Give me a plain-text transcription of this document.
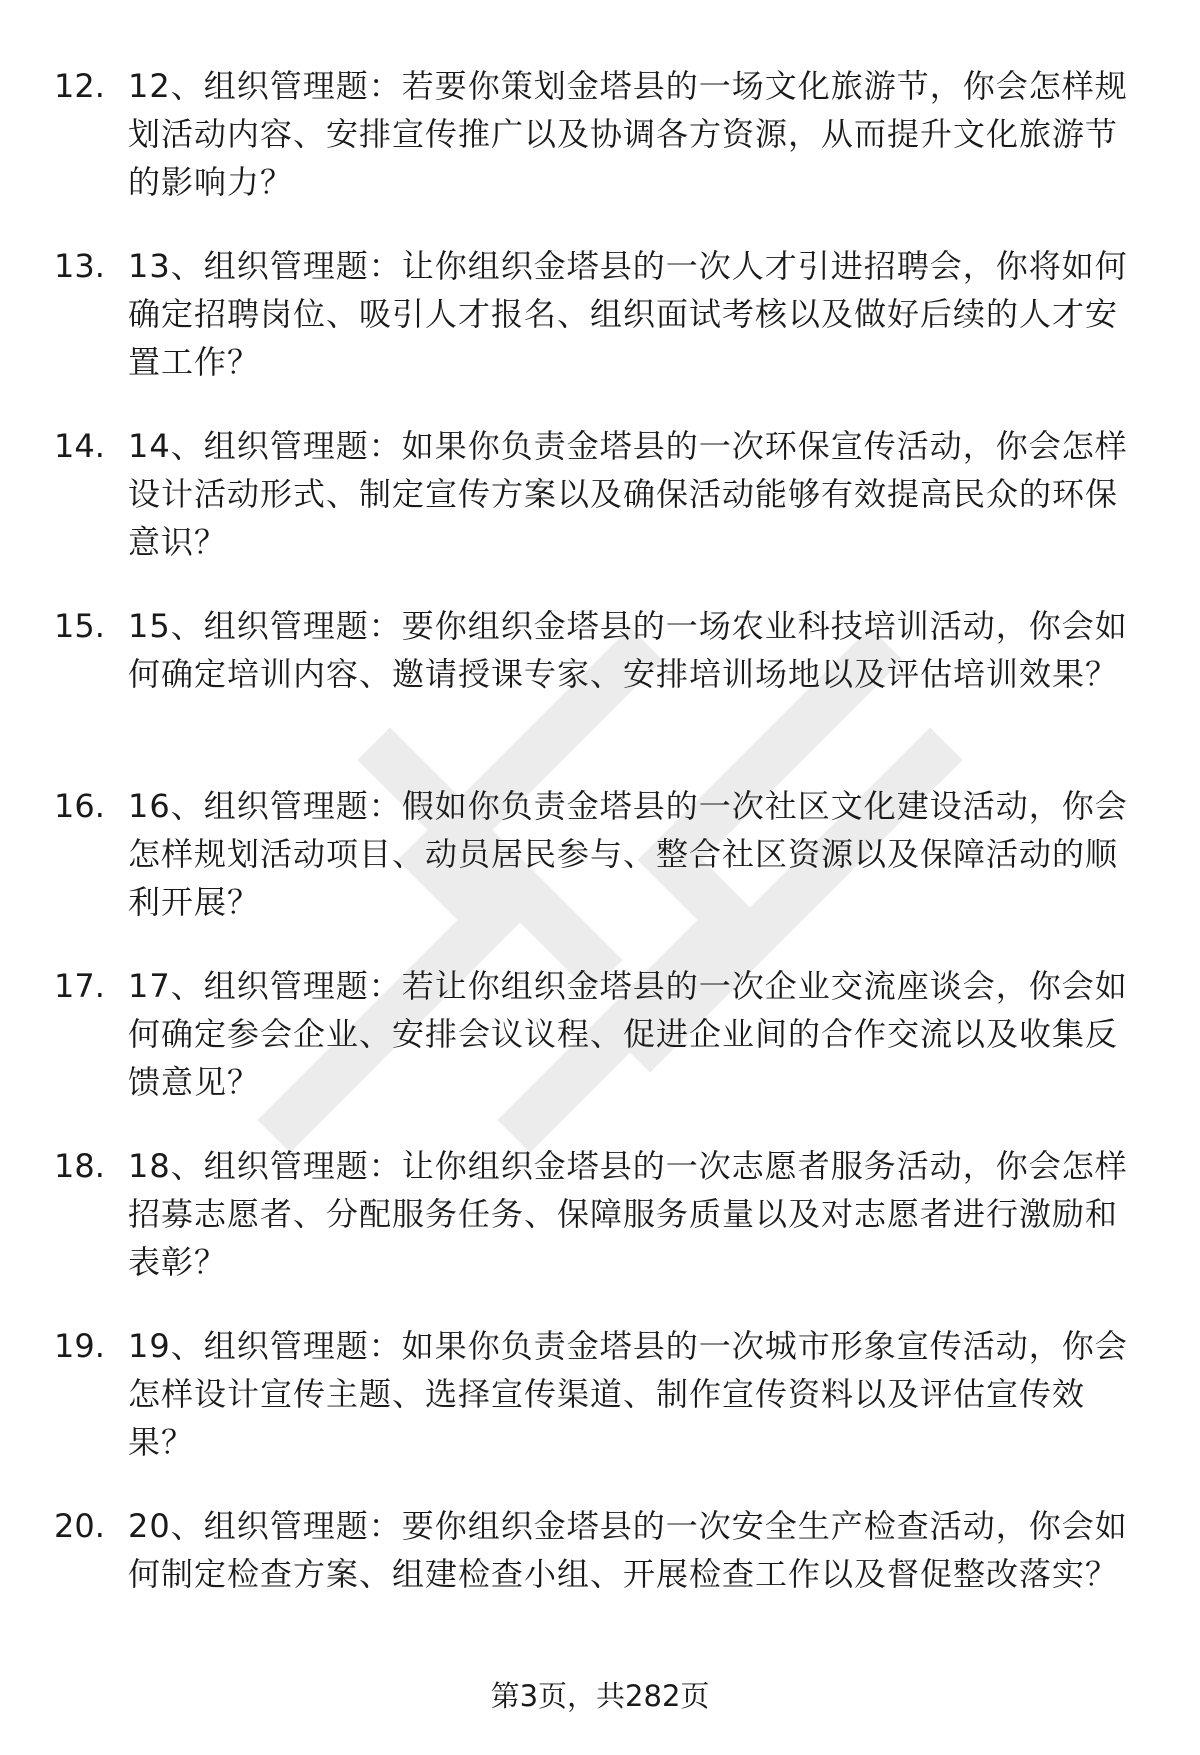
12. 12、组织管理题：若要你策划金塔县的一场文化旅游节，你会怎样规划活动内容、安排宣传推广以及协调各方资源，从而提升文化旅游节的影响力？
13. 13、组织管理题：让你组织金塔县的一次人才引进招聘会，你将如何确定招聘岗位、吸引人才报名、组织面试考核以及做好后续的人才安置工作？
14. 14、组织管理题：如果你负责金塔县的一次环保宣传活动，你会怎样设计活动形式、制定宣传方案以及确保活动能够有效提高民众的环保意识？
15. 15、组织管理题：要你组织金塔县的一场农业科技培训活动，你会如何确定培训内容、邀请授课专家、安排培训场地以及评估培训效果？
16. 16、组织管理题：假如你负责金塔县的一次社区文化建设活动，你会怎样规划活动项目、动员居民参与、整合社区资源以及保障活动的顺利开展？
17. 17、组织管理题：若让你组织金塔县的一次企业交流座谈会，你会如何确定参会企业、安排会议议程、促进企业间的合作交流以及收集反馈意见？
18. 18、组织管理题：让你组织金塔县的一次志愿者服务活动，你会怎样招募志愿者、分配服务任务、保障服务质量以及对志愿者进行激励和表彰？
19. 19、组织管理题：如果你负责金塔县的一次城市形象宣传活动，你会怎样设计宣传主题、选择宣传渠道、制作宣传资料以及评估宣传效果？
20. 20、组织管理题：要你组织金塔县的一次安全生产检查活动，你会如何制定检查方案、组建检查小组、开展检查工作以及督促整改落实？
第3页，共282页
